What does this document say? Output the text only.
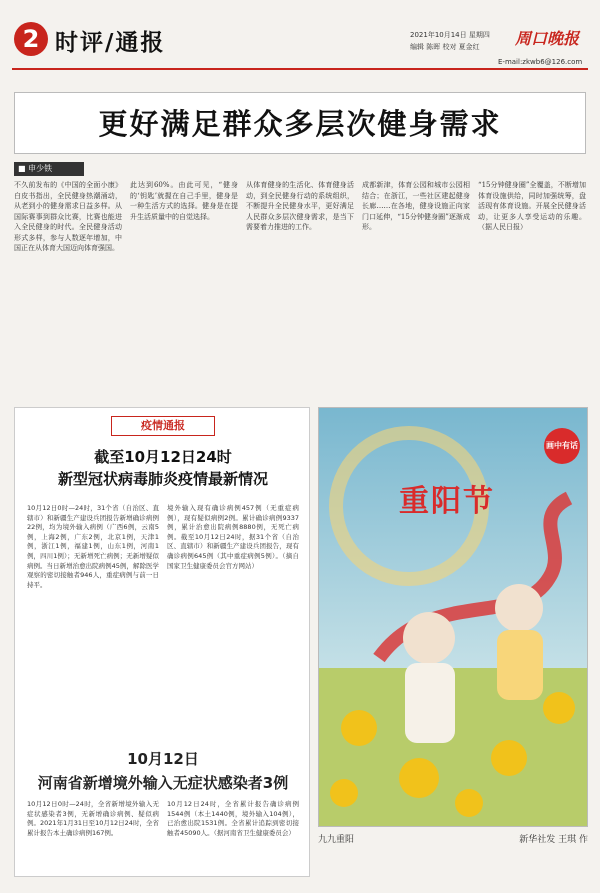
2 时评/通报	2021年10月14日 星期四
编辑 陈晖 校对 夏金红 周口晚报
E-mail:zkwb6@126.com
更好满足群众多层次健身需求
■ 申少铁
不久前发布的《中国的全面小康》白皮书指出，全民健身热潮涌动，从老到小的健身需求日益多样。从国际赛事到群众比赛，比赛也能进入全民健身的时代。全民健身活动形式多样，参与人数逐年增加，中国正在从体育大国迈向体育强国。
此达到60%。由此可见，“健身的‘钥匙’就握在自己手里，健身是一种生活方式的选择。健身是在提升生活质量中的自觉选择。
从体育健身的生活化、体育健身活动，到全民健身行动的系统组织，不断提升全民健身水平，更好满足人民群众多层次健身需求，是当下需要着力推进的工作。
成都新津，体育公园和城市公园相结合；在浙江，一些社区建起健身长廊……在各地，健身设施正向家门口延伸，“15分钟健身圈”逐渐成形。
“15分钟健身圈”全覆盖，不断增加体育设施供给，同时加强统筹，盘活现有体育设施。开展全民健身活动，让更多人享受运动的乐趣。（据人民日报）
疫情通报
截至10月12日24时
新型冠状病毒肺炎疫情最新情况
10月12日0时—24时，31个省（自治区、直辖市）和新疆生产建设兵团报告新增确诊病例22例，均为境外输入病例（广西6例，云南5例，上海2例，广东2例，北京1例，天津1例，浙江1例，福建1例，山东1例，河南1例，四川1例）；无新增死亡病例；无新增疑似病例。当日新增治愈出院病例45例，解除医学观察的密切接触者946人，重症病例与前一日持平。
境外输入现有确诊病例457例（无重症病例），现有疑似病例2例。累计确诊病例9337例，累计治愈出院病例8880例，无死亡病例。截至10月12日24时，据31个省（自治区、直辖市）和新疆生产建设兵团报告，现有确诊病例645例（其中重症病例5例）。（摘自国家卫生健康委员会官方网站）
10月12日
河南省新增境外输入无症状感染者3例
10月12日0时—24时，全省新增境外输入无症状感染者3例，无新增确诊病例、疑似病例。2021年1月31日至10月12日24时，全省累计报告本土确诊病例167例。
10月12日24时，全省累计报告确诊病例1544例（本土1440例，境外输入104例），已治愈出院1531例。全省累计追踪到密切接触者45090人。（据河南省卫生健康委员会）
画中有话
重阳节
九九重阳	新华社发 王琪 作
